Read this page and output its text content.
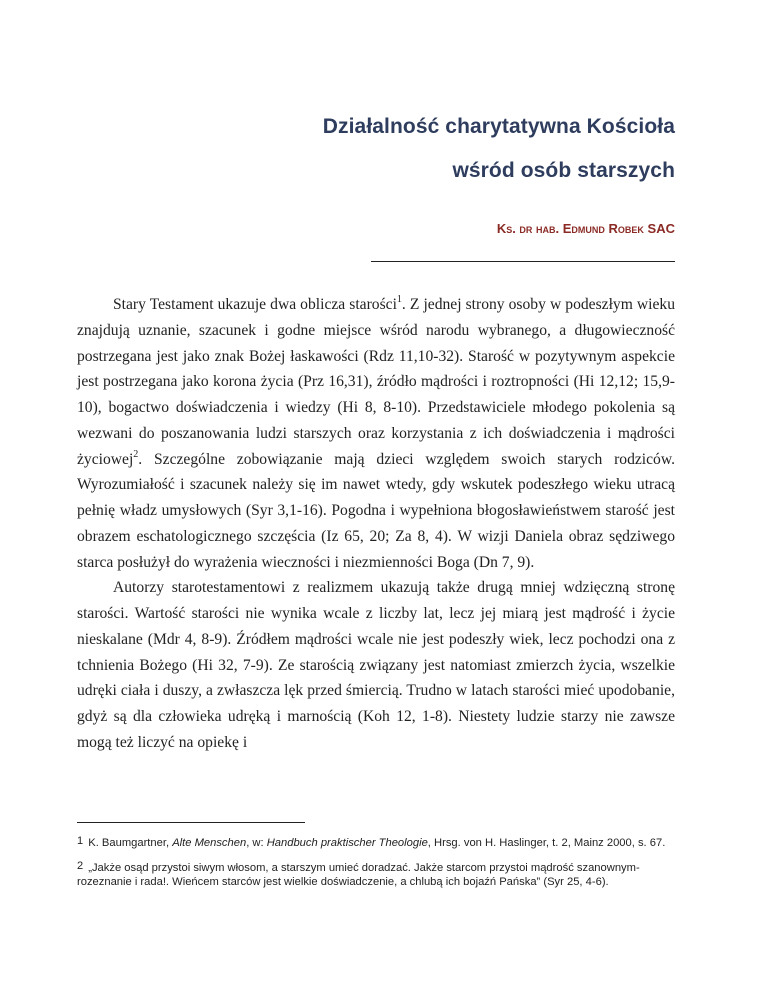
Działalność charytatywna Kościoła
wśród osób starszych

Ks. dr hab. Edmund Robek SAC

Stary Testament ukazuje dwa oblicza starości$^1$. Z jednej strony osoby w podeszłym wieku znajdują uznanie, szacunek i godne miejsce wśród narodu wybranego, a długowieczność postrzegana jest jako znak Bożej łaskawości (Rdz 11,10-32). Starość w pozytywnym aspekcie jest postrzegana jako korona życia (Prz 16,31), źródło mądrości i roztropności (Hi 12,12; 15,9-10), bogactwo doświadczenia i wiedzy (Hi 8, 8-10). Przedstawiciele młodego pokolenia są wezwani do poszanowania ludzi starszych oraz korzystania z ich doświadczenia i mądrości życiowej$^2$. Szczególne zobowiązanie mają dzieci względem swoich starych rodziców. Wyrozumiałość i szacunek należy się im nawet wtedy, gdy wskutek podeszłego wieku utracą pełnię władz umysłowych (Syr 3,1-16). Pogodna i wypełniona błogosławieństwem starość jest obrazem eschatologicznego szczęścia (Iz 65, 20; Za 8, 4). W wizji Daniela obraz sędziwego starca posłużył do wyrażenia wieczności i niezmienności Boga (Dn 7, 9).

Autorzy starotestamentowi z realizmem ukazują także drugą mniej wdzięczną stronę starości. Wartość starości nie wynika wcale z liczby lat, lecz jej miarą jest mądrość i życie nieskalane (Mdr 4, 8-9). Źródłem mądrości wcale nie jest podeszły wiek, lecz pochodzi ona z tchnienia Bożego (Hi 32, 7-9). Ze starością związany jest natomiast zmierzch życia, wszelkie udręki ciała i duszy, a zwłaszcza lęk przed śmiercią. Trudno w latach starości mieć upodobanie, gdyż są dla człowieka udręką i marnością (Koh 12, 1-8). Niestety ludzie starzy nie zawsze mogą też liczyć na opiekę i

1 K. Baumgartner, Alte Menschen, w: Handbuch praktischer Theologie, Hrsg. von H. Haslinger, t. 2, Mainz 2000, s. 67.
2 „Jakże osąd przystoi siwym włosom, a starszym umieć doradzać. Jakże starcom przystoi mądrość szanownym-rozeznanie i rada!. Wieńcem starców jest wielkie doświadczenie, a chlubą ich bojaźń Pańska” (Syr 25, 4-6).
